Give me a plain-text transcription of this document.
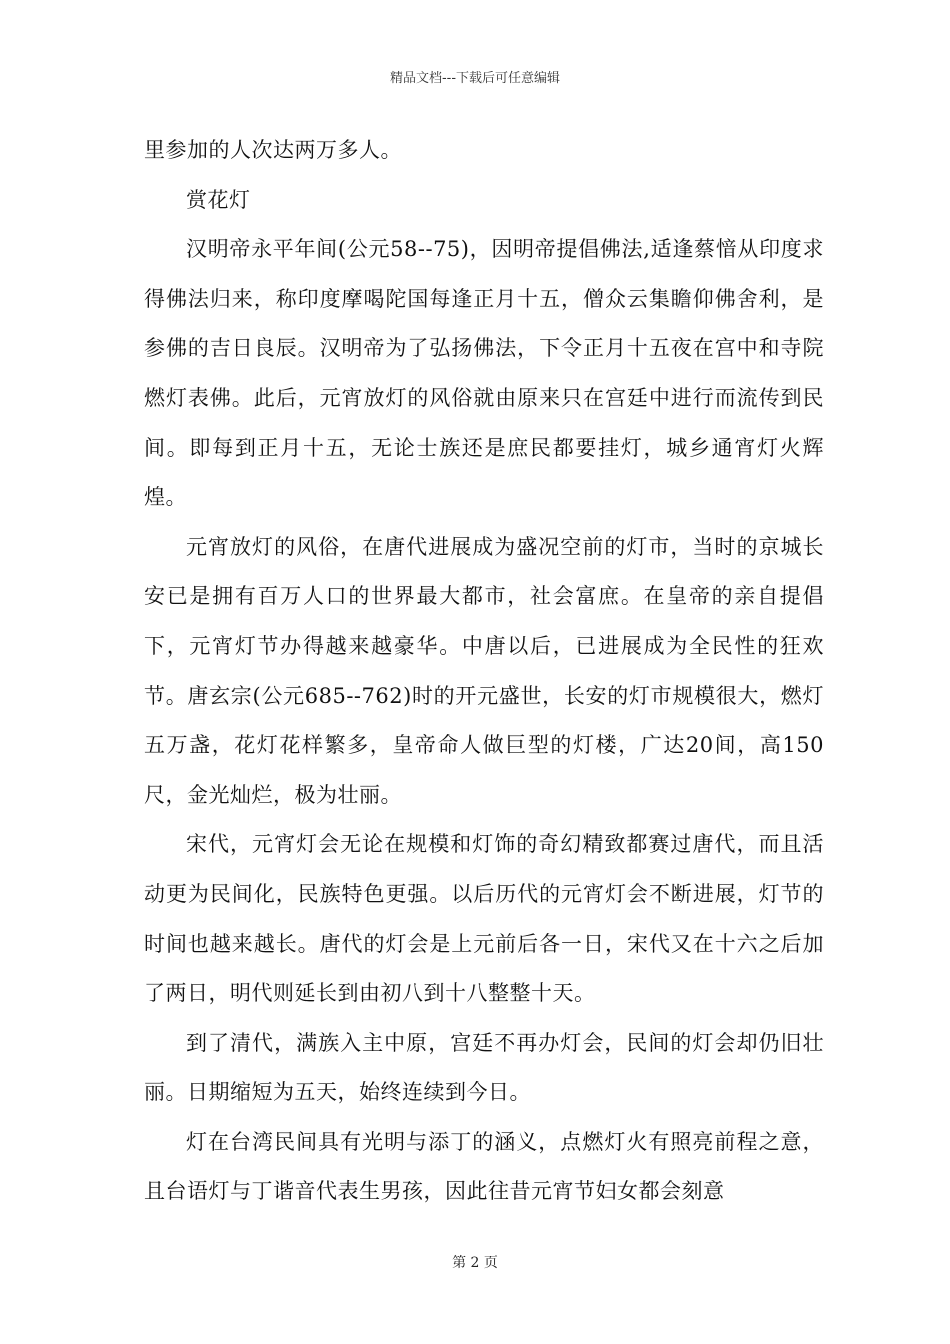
精品文档---下载后可任意编辑

里参加的人次达两万多人。

赏花灯

汉明帝永平年间(公元58--75)，因明帝提倡佛法,适逢蔡愔从印度求得佛法归来，称印度摩喝陀国每逢正月十五，僧众云集瞻仰佛舍利，是参佛的吉日良辰。汉明帝为了弘扬佛法，下令正月十五夜在宫中和寺院燃灯表佛。此后，元宵放灯的风俗就由原来只在宫廷中进行而流传到民间。即每到正月十五，无论士族还是庶民都要挂灯，城乡通宵灯火辉煌。

元宵放灯的风俗，在唐代进展成为盛况空前的灯市，当时的京城长安已是拥有百万人口的世界最大都市，社会富庶。在皇帝的亲自提倡下，元宵灯节办得越来越豪华。中唐以后，已进展成为全民性的狂欢节。唐玄宗(公元685--762)时的开元盛世，长安的灯市规模很大，燃灯五万盏，花灯花样繁多，皇帝命人做巨型的灯楼，广达20间，高150尺，金光灿烂，极为壮丽。

宋代，元宵灯会无论在规模和灯饰的奇幻精致都赛过唐代，而且活动更为民间化，民族特色更强。以后历代的元宵灯会不断进展，灯节的时间也越来越长。唐代的灯会是上元前后各一日，宋代又在十六之后加了两日，明代则延长到由初八到十八整整十天。

到了清代，满族入主中原，宫廷不再办灯会，民间的灯会却仍旧壮丽。日期缩短为五天，始终连续到今日。

灯在台湾民间具有光明与添丁的涵义，点燃灯火有照亮前程之意，且台语灯与丁谐音代表生男孩，因此往昔元宵节妇女都会刻意

第 2 页
